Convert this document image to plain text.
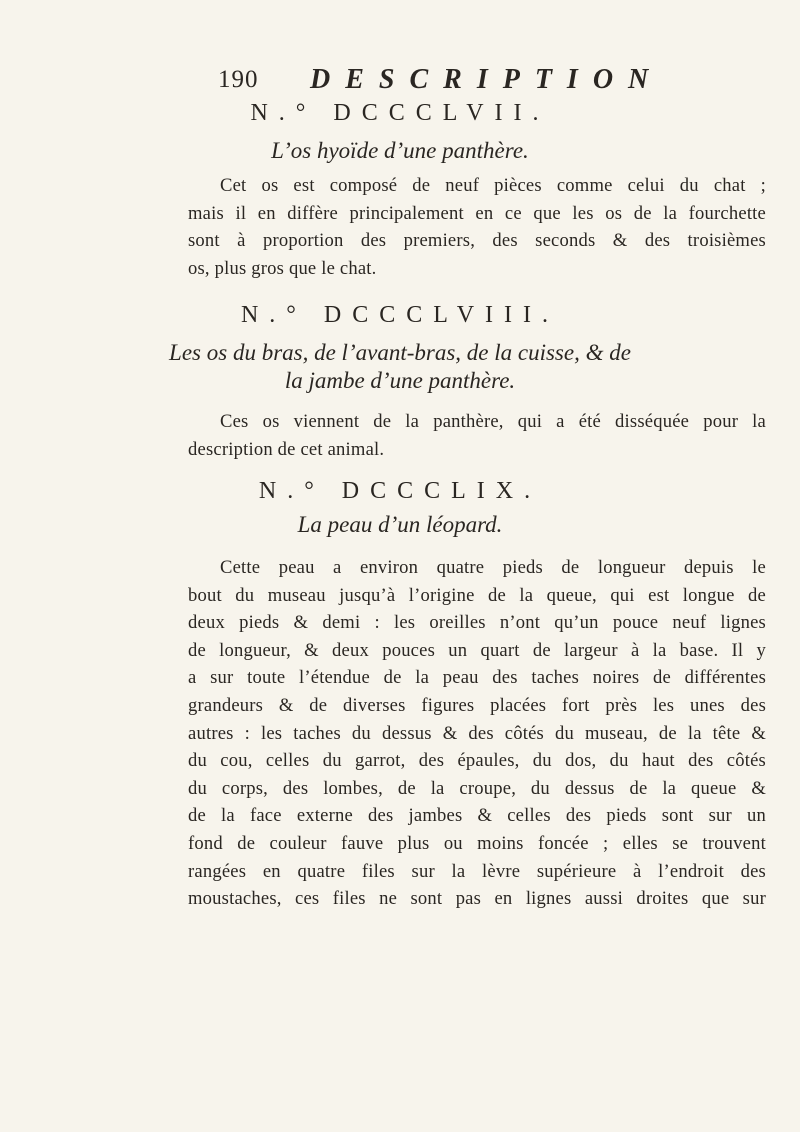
190 DESCRIPTION
N.° DCCCLVII.
L’os hyoïde d’une panthère.
Cet os est composé de neuf pièces comme celui du chat ;
mais il en diffère principalement en ce que les os de la fourchette
sont à proportion des premiers, des seconds & des troisièmes
os, plus gros que le chat.
N.° DCCCLVIII.
Les os du bras, de l’avant-bras, de la cuisse, & de
la jambe d’une panthère.
Ces os viennent de la panthère, qui a été disséquée pour la
description de cet animal.
N.° DCCCLIX.
La peau d’un léopard.
Cette peau a environ quatre pieds de longueur depuis le
bout du museau jusqu’à l’origine de la queue, qui est longue de
deux pieds & demi : les oreilles n’ont qu’un pouce neuf lignes
de longueur, & deux pouces un quart de largeur à la base. Il y
a sur toute l’étendue de la peau des taches noires de différentes
grandeurs & de diverses figures placées fort près les unes des
autres : les taches du dessus & des côtés du museau, de la tête &
du cou, celles du garrot, des épaules, du dos, du haut des côtés
du corps, des lombes, de la croupe, du dessus de la queue &
de la face externe des jambes & celles des pieds sont sur un
fond de couleur fauve plus ou moins foncée ; elles se trouvent
rangées en quatre files sur la lèvre supérieure à l’endroit des
moustaches, ces files ne sont pas en lignes aussi droites que sur
